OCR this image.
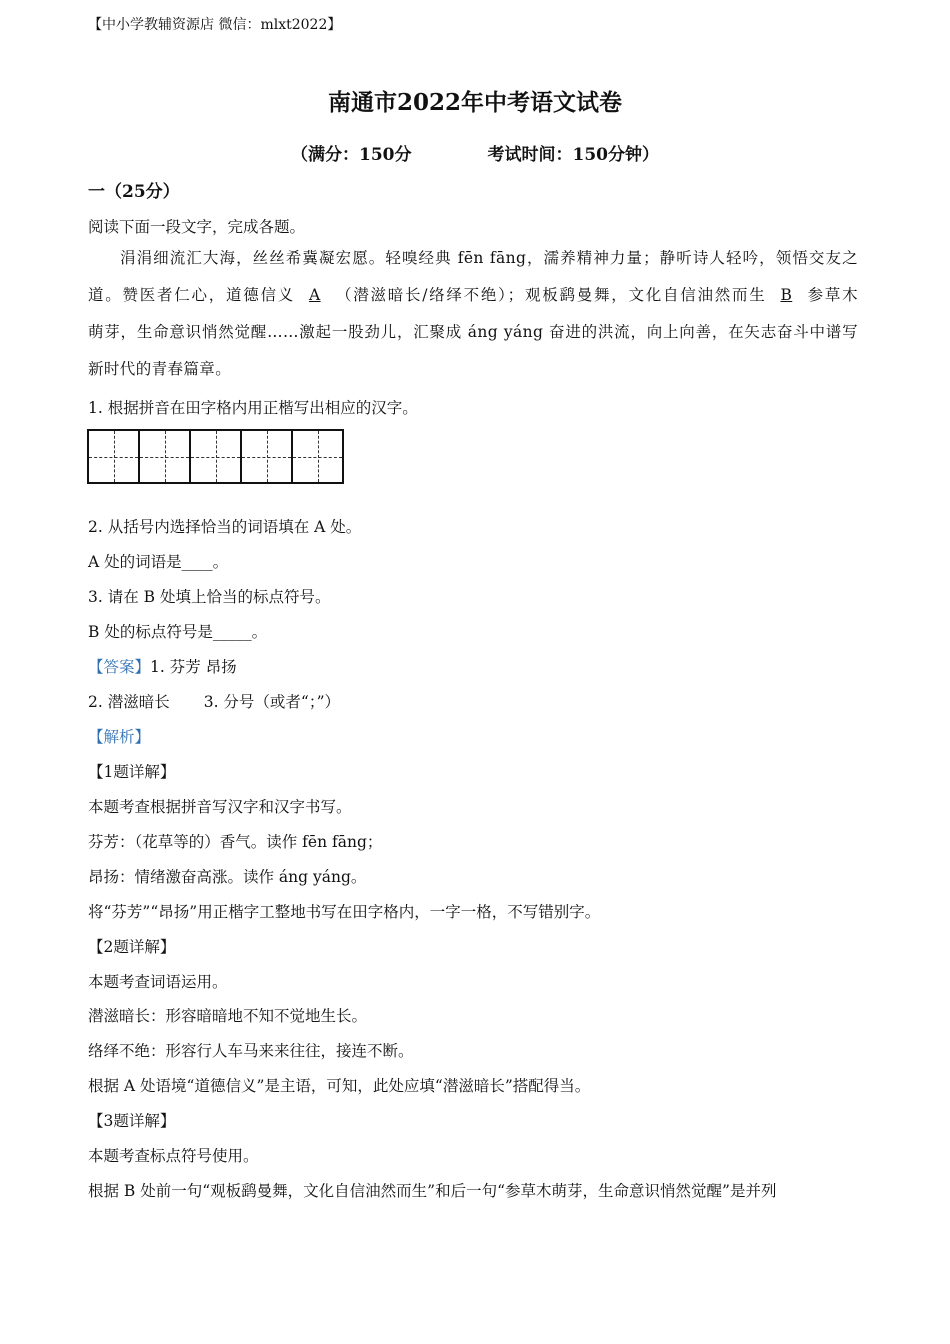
【中小学教辅资源店 微信：mlxt2022】
南通市2022年中考语文试卷
（满分：150分	考试时间：150分钟）
一（25分）
阅读下面一段文字，完成各题。
涓涓细流汇大海，丝丝希冀凝宏愿。轻嗅经典 fēn fāng，濡养精神力量；静听诗人轻吟，领悟交友之
道。赞医者仁心，道德信义 A （潜滋暗长/络绎不绝）；观板鹞曼舞，文化自信油然而生 B 参草木
萌芽，生命意识悄然觉醒……激起一股劲儿，汇聚成 áng yáng 奋进的洪流，向上向善，在矢志奋斗中谱写
新时代的青春篇章。
1. 根据拼音在田字格内用正楷写出相应的汉字。
2. 从括号内选择恰当的词语填在 A 处。
A 处的词语是____。
3. 请在 B 处填上恰当的标点符号。
B 处的标点符号是_____。
【答案】1. 芬芳 昂扬
2. 潜滋暗长 3. 分号（或者“；”）
【解析】
【1题详解】
本题考查根据拼音写汉字和汉字书写。
芬芳：（花草等的）香气。读作 fēn fāng；
昂扬：情绪激奋高涨。读作 áng yáng。
将“芬芳”“昂扬”用正楷字工整地书写在田字格内，一字一格，不写错别字。
【2题详解】
本题考查词语运用。
潜滋暗长：形容暗暗地不知不觉地生长。
络绎不绝：形容行人车马来来往往，接连不断。
根据 A 处语境“道德信义”是主语，可知，此处应填“潜滋暗长”搭配得当。
【3题详解】
本题考查标点符号使用。
根据 B 处前一句“观板鹞曼舞，文化自信油然而生”和后一句“参草木萌芽，生命意识悄然觉醒”是并列
